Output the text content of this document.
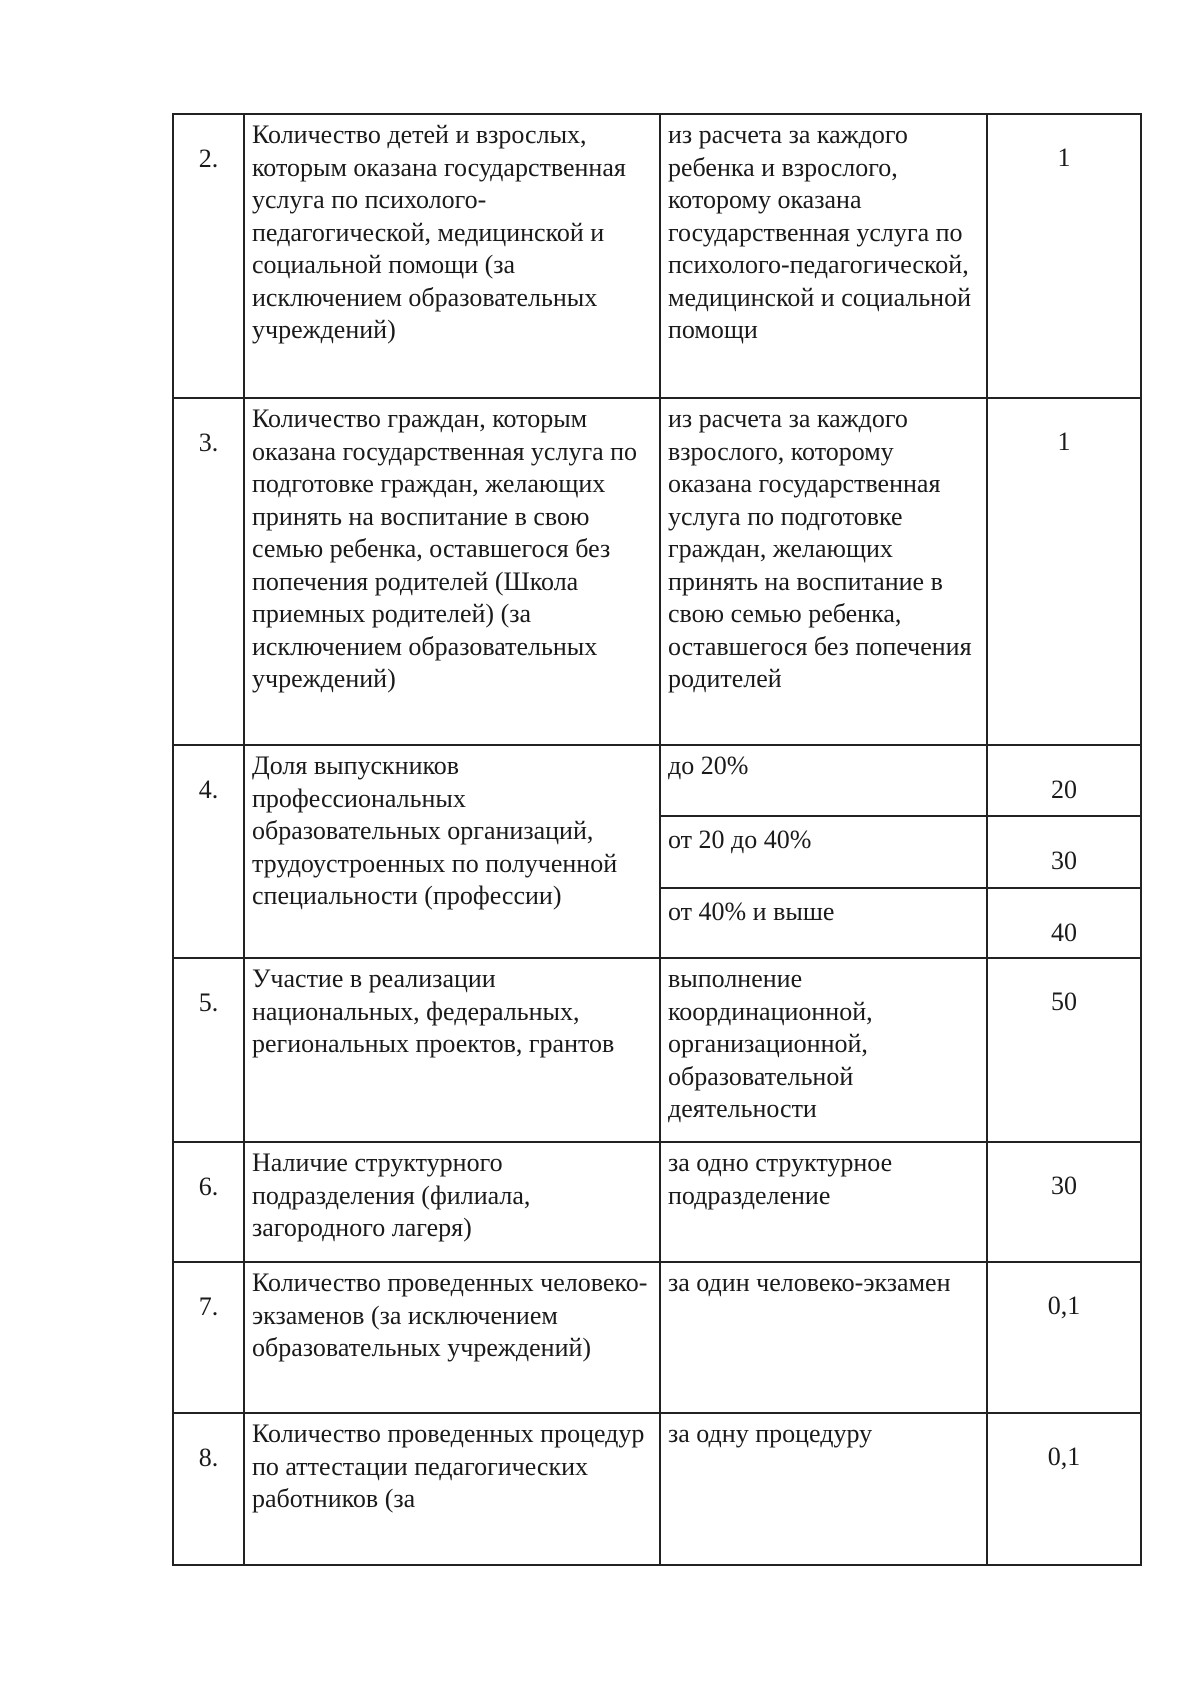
2.	Количество детей и взрослых, которым оказана государственная услуга по психолого-педагогической, медицинской и социальной помощи (за исключением образовательных учреждений)	из расчета за каждого ребенка и взрослого, которому оказана государственная услуга по психолого-педагогической, медицинской и социальной помощи	1
3.	Количество граждан, которым оказана государственная услуга по подготовке граждан, желающих принять на воспитание в свою семью ребенка, оставшегося без попечения родителей (Школа приемных родителей) (за исключением образовательных учреждений)	из расчета за каждого взрослого, которому оказана государственная услуга по подготовке граждан, желающих принять на воспитание в свою семью ребенка, оставшегося без попечения родителей	1
4.	Доля выпускников профессиональных образовательных организаций, трудоустроенных по полученной специальности (профессии)	до 20%	20
		от 20 до 40%	30
		от 40% и выше	40
5.	Участие в реализации национальных, федеральных, региональных проектов, грантов	выполнение координационной, организационной, образовательной деятельности	50
6.	Наличие структурного подразделения (филиала, загородного лагеря)	за одно структурное подразделение	30
7.	Количество проведенных человеко-экзаменов (за исключением образовательных учреждений)	за один человеко-экзамен	0,1
8.	Количество проведенных процедур по аттестации педагогических работников (за	за одну процедуру	0,1
